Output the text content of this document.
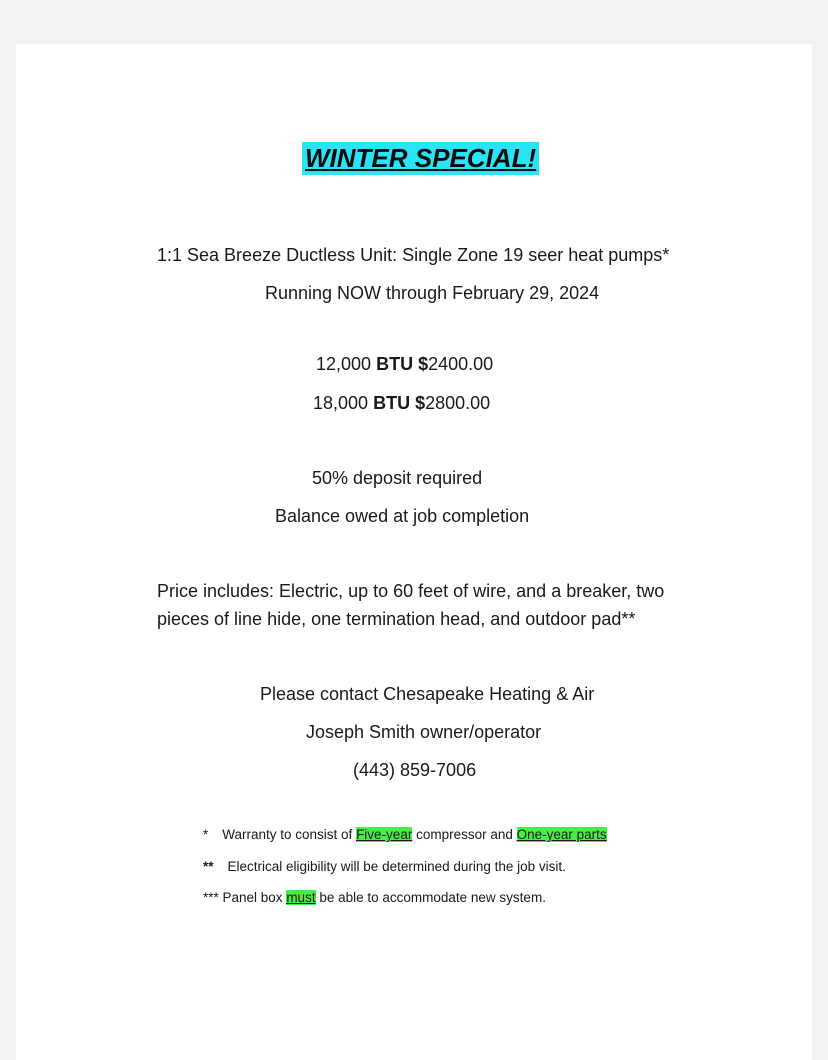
WINTER SPECIAL!
1:1 Sea Breeze Ductless Unit: Single Zone 19 seer heat pumps*
Running NOW through February 29, 2024
12,000 BTU $2400.00
18,000 BTU $2800.00
50% deposit required
Balance owed at job completion
Price includes: Electric, up to 60 feet of wire, and a breaker, two
pieces of line hide, one termination head, and outdoor pad**
Please contact Chesapeake Heating & Air
Joseph Smith owner/operator
(443) 859-7006
* Warranty to consist of Five-year compressor and One-year parts
** Electrical eligibility will be determined during the job visit.
*** Panel box must be able to accommodate new system.
